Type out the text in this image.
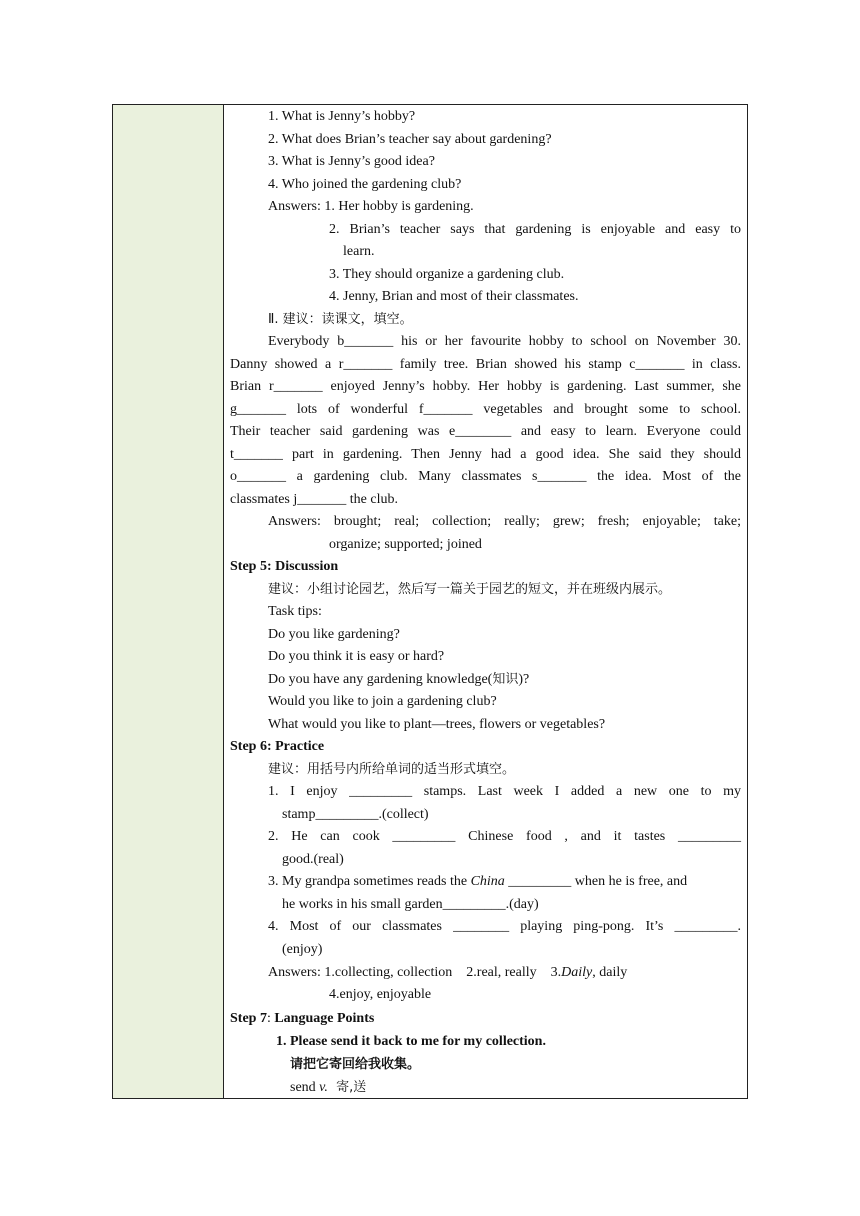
1. What is Jenny’s hobby?
2. What does Brian’s teacher say about gardening?
3. What is Jenny’s good idea?
4. Who joined the gardening club?
Answers: 1. Her hobby is gardening.
2. Brian’s teacher says that gardening is enjoyable and easy to
learn.
3. They should organize a gardening club.
4. Jenny, Brian and most of their classmates.
Ⅱ. 建议：读课文，填空。
Everybody b_______ his or her favourite hobby to school on November 30.
Danny showed a r_______ family tree. Brian showed his stamp c_______ in class.
Brian r_______ enjoyed Jenny’s hobby. Her hobby is gardening. Last summer, she
g_______ lots of wonderful f_______ vegetables and brought some to school.
Their teacher said gardening was e________ and easy to learn. Everyone could
t_______ part in gardening. Then Jenny had a good idea. She said they should
o_______ a gardening club. Many classmates s_______ the idea. Most of the
classmates j_______ the club.
Answers: brought; real; collection; really; grew; fresh; enjoyable; take;
organize; supported; joined
Step 5: Discussion
建议：小组讨论园艺，然后写一篇关于园艺的短文，并在班级内展示。
Task tips:
Do you like gardening?
Do you think it is easy or hard?
Do you have any gardening knowledge(知识)?
Would you like to join a gardening club?
What would you like to plant—trees, flowers or vegetables?
Step 6: Practice
建议：用括号内所给单词的适当形式填空。
1. I enjoy _________ stamps. Last week I added a new one to my
stamp_________.(collect)
2. He can cook _________ Chinese food , and it tastes _________
good.(real)
3. My grandpa sometimes reads the China _________ when he is free, and
he works in his small garden_________.(day)
4. Most of our classmates ________ playing ping-pong. It’s _________.
(enjoy)
Answers: 1.collecting, collection    2.real, really    3.Daily, daily
4.enjoy, enjoyable
Step 7: Language Points
1. Please send it back to me for my collection.
请把它寄回给我收集。
send v.  寄,送
